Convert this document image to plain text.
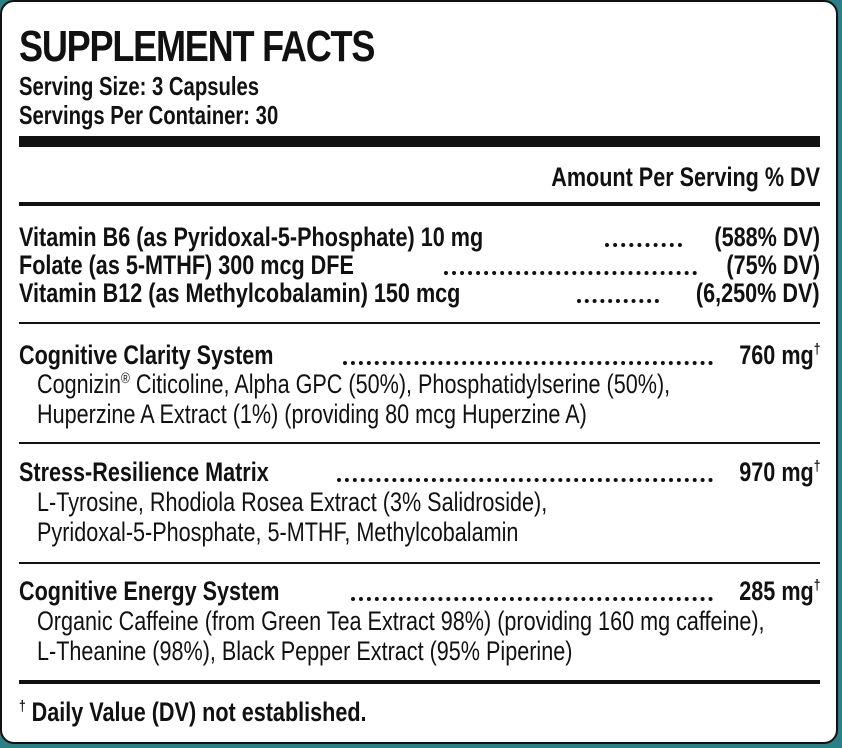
SUPPLEMENT FACTS
Serving Size: 3 Capsules
Servings Per Container: 30
Amount Per Serving % DV
Vitamin B6 (as Pyridoxal-5-Phosphate) 10 mg	(588% DV)
Folate (as 5-MTHF) 300 mcg DFE	(75% DV)
Vitamin B12 (as Methylcobalamin) 150 mcg	(6,250% DV)
Cognitive Clarity System	760 mg†
Cognizin® Citicoline, Alpha GPC (50%), Phosphatidylserine (50%),
Huperzine A Extract (1%) (providing 80 mcg Huperzine A)
Stress-Resilience Matrix	970 mg†
L-Tyrosine, Rhodiola Rosea Extract (3% Salidroside),
Pyridoxal-5-Phosphate, 5-MTHF, Methylcobalamin
Cognitive Energy System	285 mg†
Organic Caffeine (from Green Tea Extract 98%) (providing 160 mg caffeine),
L-Theanine (98%), Black Pepper Extract (95% Piperine)
† Daily Value (DV) not established.
